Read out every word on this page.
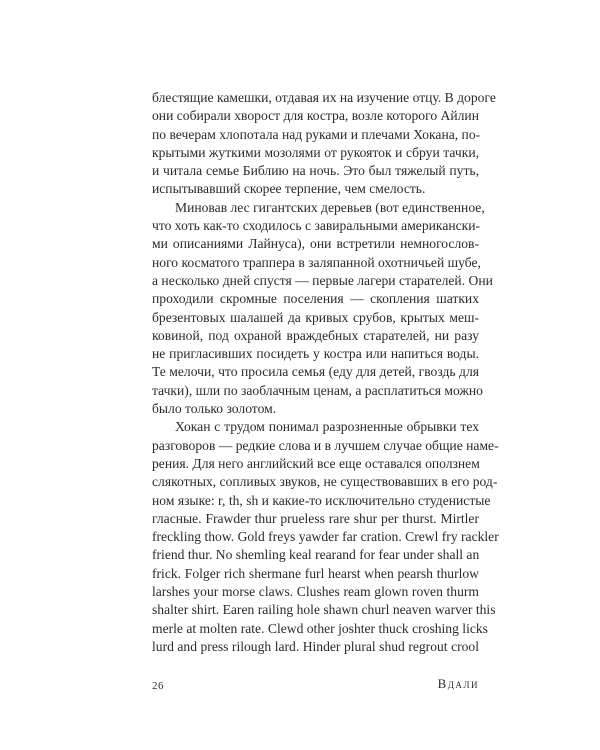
блестящие камешки, отдавая их на изучение отцу. В дороге
они собирали хворост для костра, возле которого Айлин
по вечерам хлопотала над руками и плечами Хокана, по-
крытыми жуткими мозолями от рукояток и сбруи тачки,
и читала семье Библию на ночь. Это был тяжелый путь,
испытывавший скорее терпение, чем смелость.
Миновав лес гигантских деревьев (вот единственное,
что хоть как-то сходилось с завиральными американски-
ми описаниями Лайнуса), они встретили немногослов-
ного косматого траппера в заляпанной охотничьей шубе,
а несколько дней спустя — первые лагери старателей. Они
проходили скромные поселения — скопления шатких
брезентовых шалашей да кривых срубов, крытых меш-
ковиной, под охраной враждебных старателей, ни разу
не пригласивших посидеть у костра или напиться воды.
Те мелочи, что просила семья (еду для детей, гвоздь для
тачки), шли по заоблачным ценам, а расплатиться можно
было только золотом.
Хокан с трудом понимал разрозненные обрывки тех
разговоров — редкие слова и в лучшем случае общие наме-
рения. Для него английский все еще оставался оползнем
слякотных, сопливых звуков, не существовавших в его род-
ном языке: r, th, sh и какие-то исключительно студенистые
гласные. Frawder thur prueless rare shur per thurst. Mirtler
freckling thow. Gold freys yawder far cration. Crewl fry rackler
friend thur. No shemling keal rearand for fear under shall an
frick. Folger rich shermane furl hearst when pearsh thurlow
larshes your morse claws. Clushes ream glown roven thurm
shalter shirt. Earen railing hole shawn churl neaven warver this
merle at molten rate. Clewd other joshter thuck croshing licks
lurd and press rilough lard. Hinder plural shud regrout crool
26	Вдали
